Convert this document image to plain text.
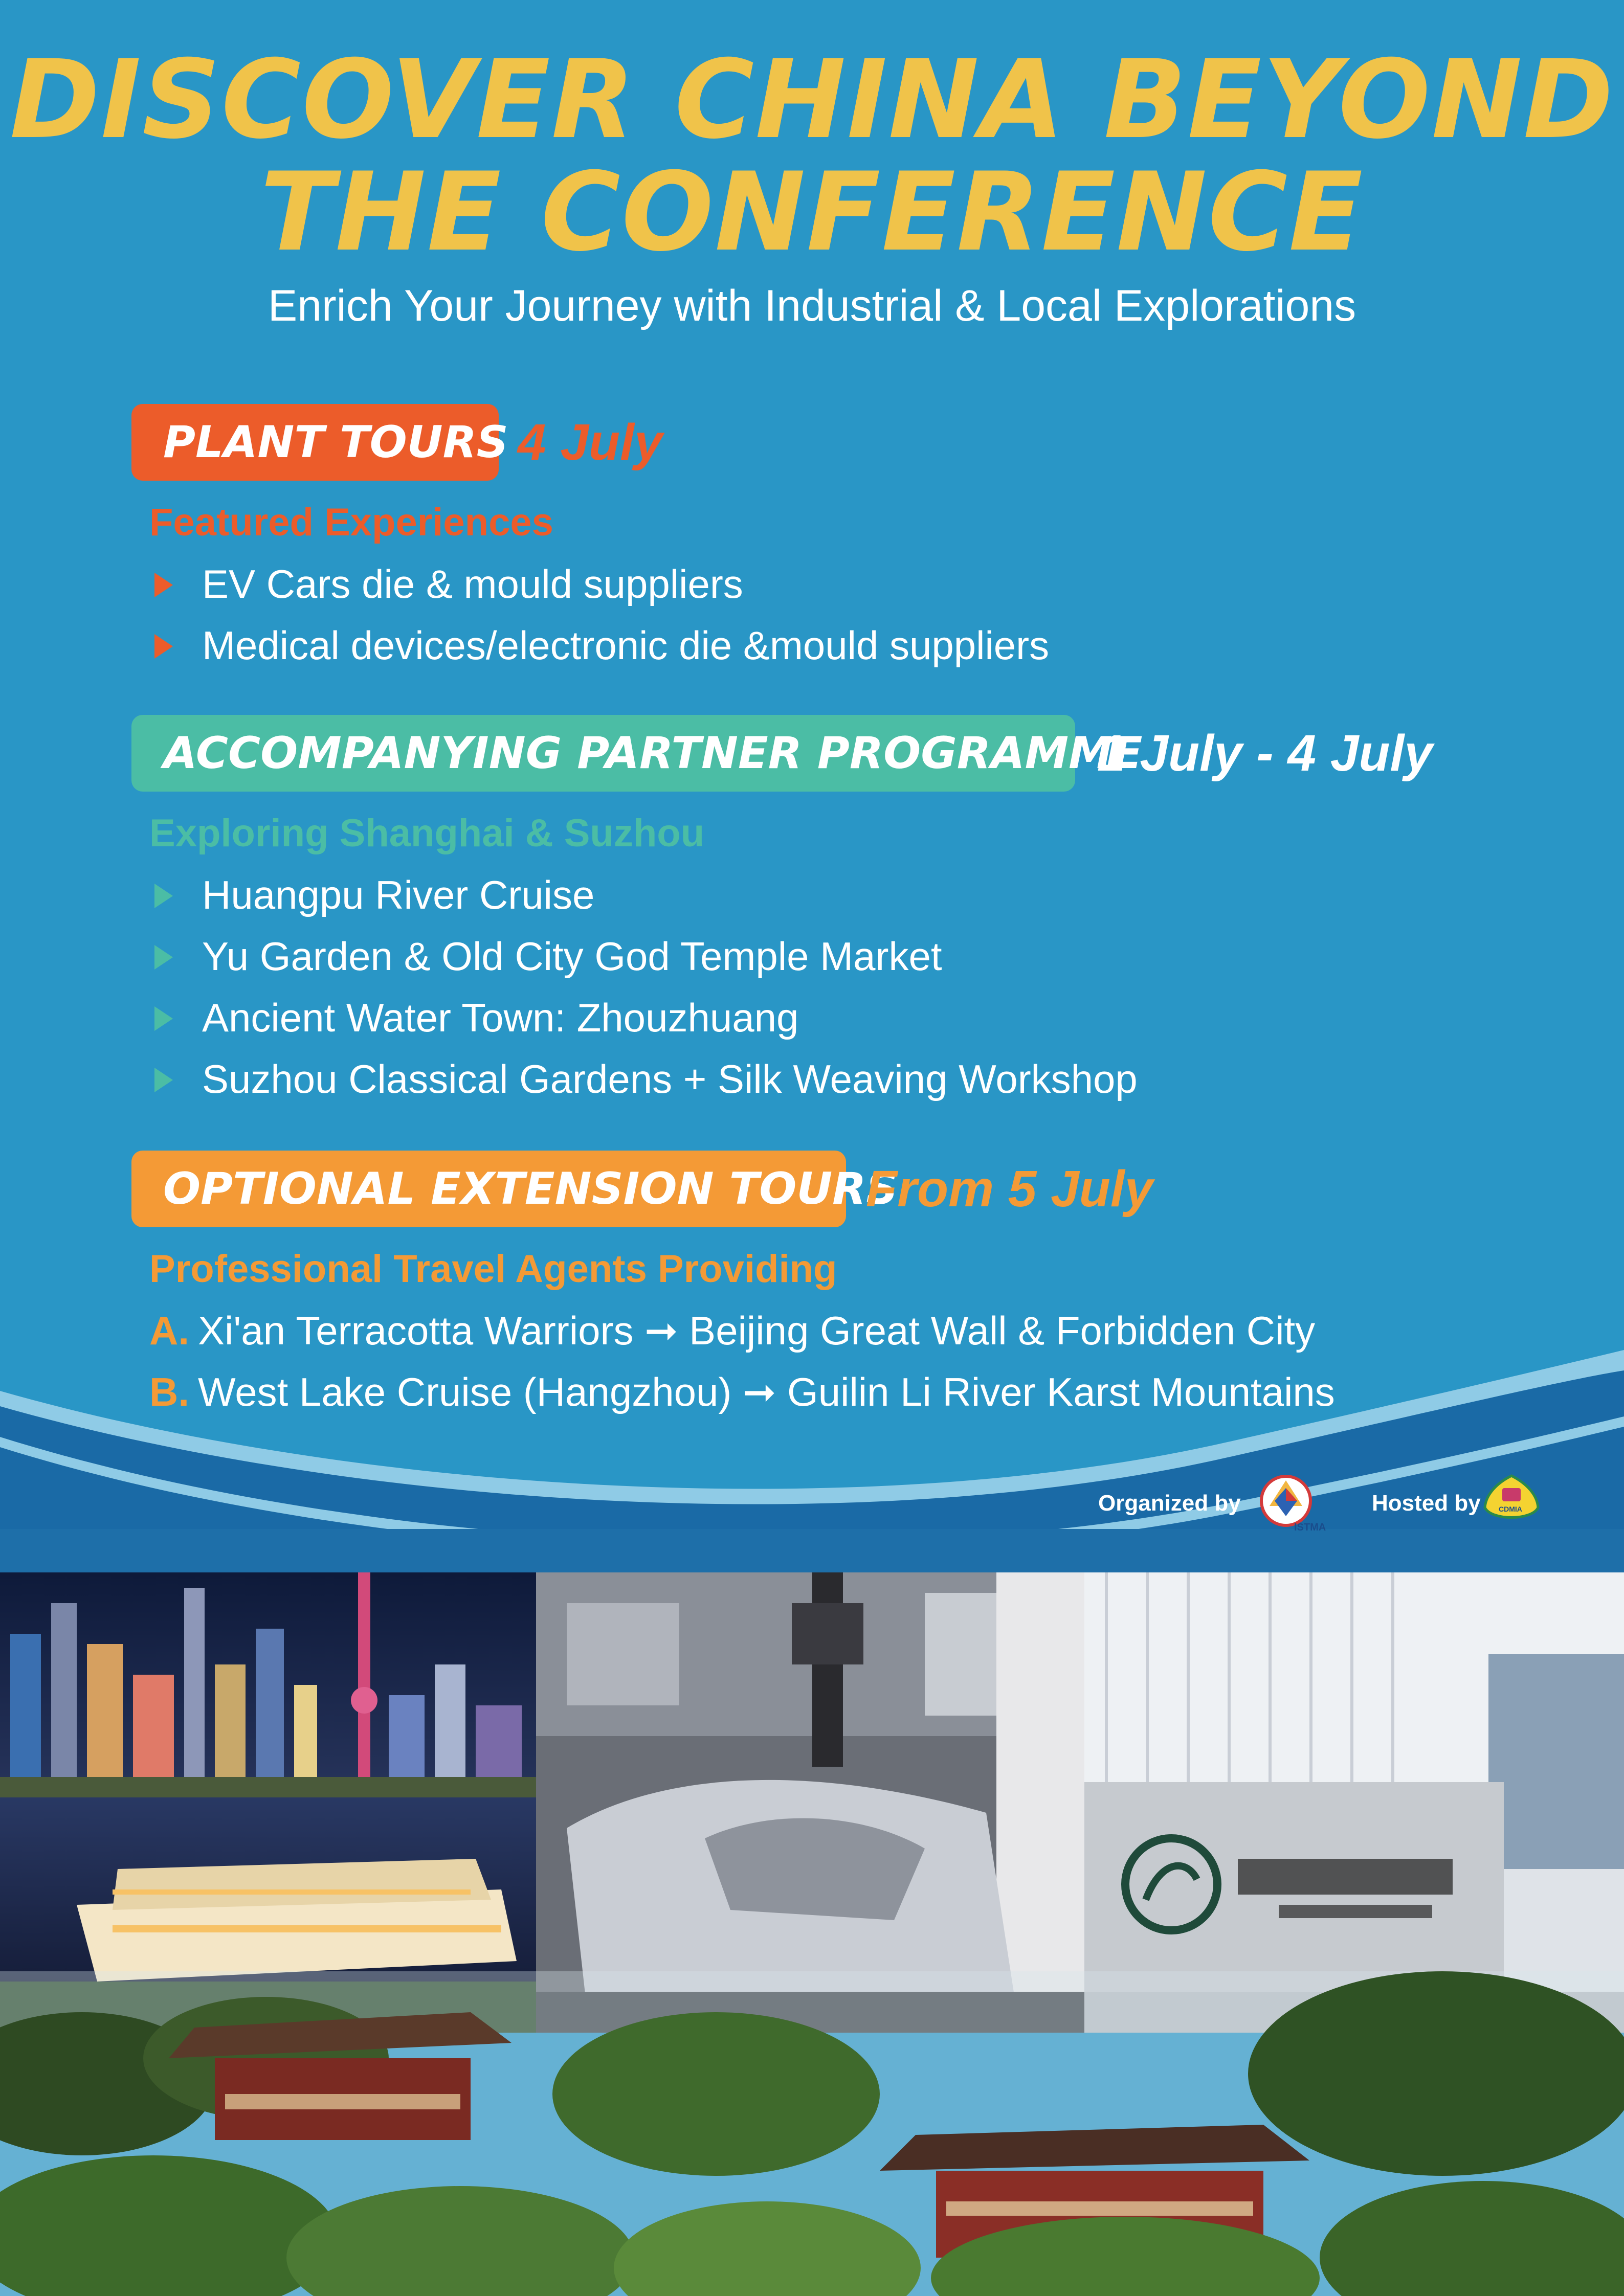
DISCOVER CHINA BEYOND
THE CONFERENCE
Enrich Your Journey with Industrial & Local Explorations
PLANT TOURS 4 July
Featured Experiences
EV Cars die & mould suppliers
Medical devices/electronic die &mould suppliers
ACCOMPANYING PARTNER PROGRAMME
1 July - 4 July
Exploring Shanghai & Suzhou
Huangpu River Cruise
Yu Garden & Old City God Temple Market
Ancient Water Town: Zhouzhuang
Suzhou Classical Gardens + Silk Weaving Workshop
OPTIONAL EXTENSION TOURS
From 5 July
Professional Travel Agents Providing
A. Xi'an Terracotta Warriors ➞ Beijing Great Wall & Forbidden City
B. West Lake Cruise (Hangzhou) ➞ Guilin Li River Karst Mountains
Organized by
ISTMA
Hosted by	CDMIA
